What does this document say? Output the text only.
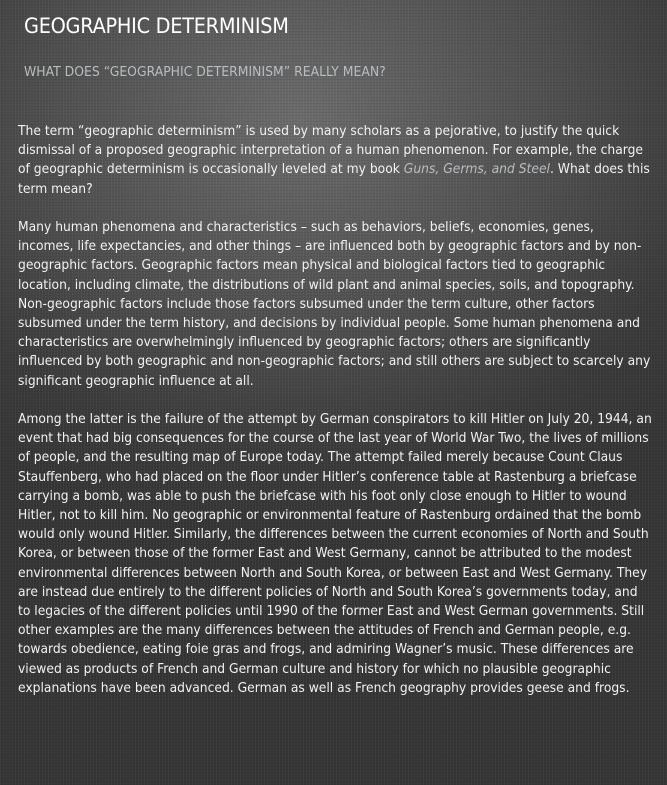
GEOGRAPHIC DETERMINISM
WHAT DOES “GEOGRAPHIC DETERMINISM” REALLY MEAN?

The term “geographic determinism” is used by many scholars as a pejorative, to justify the quick dismissal of a proposed geographic interpretation of a human phenomenon. For example, the charge of geographic determinism is occasionally leveled at my book Guns, Germs, and Steel. What does this term mean?

Many human phenomena and characteristics – such as behaviors, beliefs, economies, genes, incomes, life expectancies, and other things – are influenced both by geographic factors and by non-geographic factors. Geographic factors mean physical and biological factors tied to geographic location, including climate, the distributions of wild plant and animal species, soils, and topography. Non-geographic factors include those factors subsumed under the term culture, other factors subsumed under the term history, and decisions by individual people. Some human phenomena and characteristics are overwhelmingly influenced by geographic factors; others are significantly influenced by both geographic and non-geographic factors; and still others are subject to scarcely any significant geographic influence at all.

Among the latter is the failure of the attempt by German conspirators to kill Hitler on July 20, 1944, an event that had big consequences for the course of the last year of World War Two, the lives of millions of people, and the resulting map of Europe today. The attempt failed merely because Count Claus Stauffenberg, who had placed on the floor under Hitler’s conference table at Rastenburg a briefcase carrying a bomb, was able to push the briefcase with his foot only close enough to Hitler to wound Hitler, not to kill him. No geographic or environmental feature of Rastenburg ordained that the bomb would only wound Hitler. Similarly, the differences between the current economies of North and South Korea, or between those of the former East and West Germany, cannot be attributed to the modest environmental differences between North and South Korea, or between East and West Germany. They are instead due entirely to the different policies of North and South Korea’s governments today, and to legacies of the different policies until 1990 of the former East and West German governments. Still other examples are the many differences between the attitudes of French and German people, e.g. towards obedience, eating foie gras and frogs, and admiring Wagner’s music. These differences are viewed as products of French and German culture and history for which no plausible geographic explanations have been advanced. German as well as French geography provides geese and frogs.
